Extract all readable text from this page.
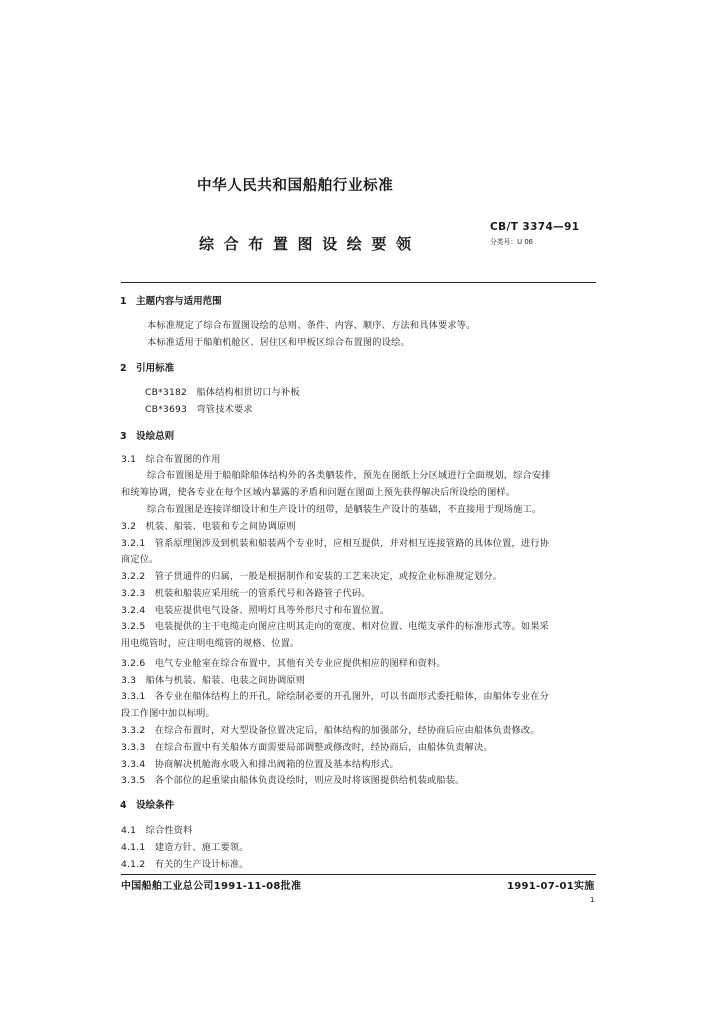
中华人民共和国船舶行业标准
CB/T 3374—91
分类号：U 06
综 合 布 置 图 设 绘 要 领
1　主题内容与适用范围
本标准规定了综合布置图设绘的总则、条件、内容、顺序、方法和具体要求等。
本标准适用于船舶机舱区、居住区和甲板区综合布置图的设绘。
2　引用标准
CB*3182　船体结构相贯切口与补板
CB*3693　弯管技术要求
3　设绘总则
3.1　综合布置图的作用
综合布置图是用于船舶除船体结构外的各类舾装件，预先在图纸上分区域进行全面规划，综合安排
和统筹协调，使各专业在每个区域内暴露的矛盾和问题在图面上预先获得解决后所设绘的图样。
综合布置图是连接详细设计和生产设计的纽带，是舾装生产设计的基础，不直接用于现场施工。
3.2　机装、船装、电装和专之间协调原则
3.2.1　管系原理图涉及到机装和船装两个专业时，应相互提供，并对相互连接管路的具体位置，进行协
商定位。
3.2.2　管子贯通件的归属，一般是根据制作和安装的工艺来决定，或按企业标准规定划分。
3.2.3　机装和船装应采用统一的管系代号和各路管子代码。
3.2.4　电装应提供电气设备、照明灯具等外形尺寸和布置位置。
3.2.5　电装提供的主干电缆走向图应注明其走向的宽度、相对位置、电缆支承件的标准形式等。如果采
用电缆管时，应注明电缆管的规格、位置。
3.2.6　电气专业舱室在综合布置中，其他有关专业应提供相应的图样和资料。
3.3　船体与机装、船装、电装之间协调原则
3.3.1　各专业在船体结构上的开孔，除绘制必要的开孔图外，可以书面形式委托船体，由船体专业在分
段工作图中加以标明。
3.3.2　在综合布置时，对大型设备位置决定后，船体结构的加强部分，经协商后应由船体负责修改。
3.3.3　在综合布置中有关船体方面需要局部调整或修改时，经协商后，由船体负责解决。
3.3.4　协商解决机舱海水吸入和排出阀箱的位置及基本结构形式。
3.3.5　各个部位的起重梁由船体负责设绘时，则应及时将该图提供给机装或船装。
4　设绘条件
4.1　综合性资料
4.1.1　建造方针、施工要领。
4.1.2　有关的生产设计标准。
中国船舶工业总公司1991-11-08批准	1991-07-01实施
1
